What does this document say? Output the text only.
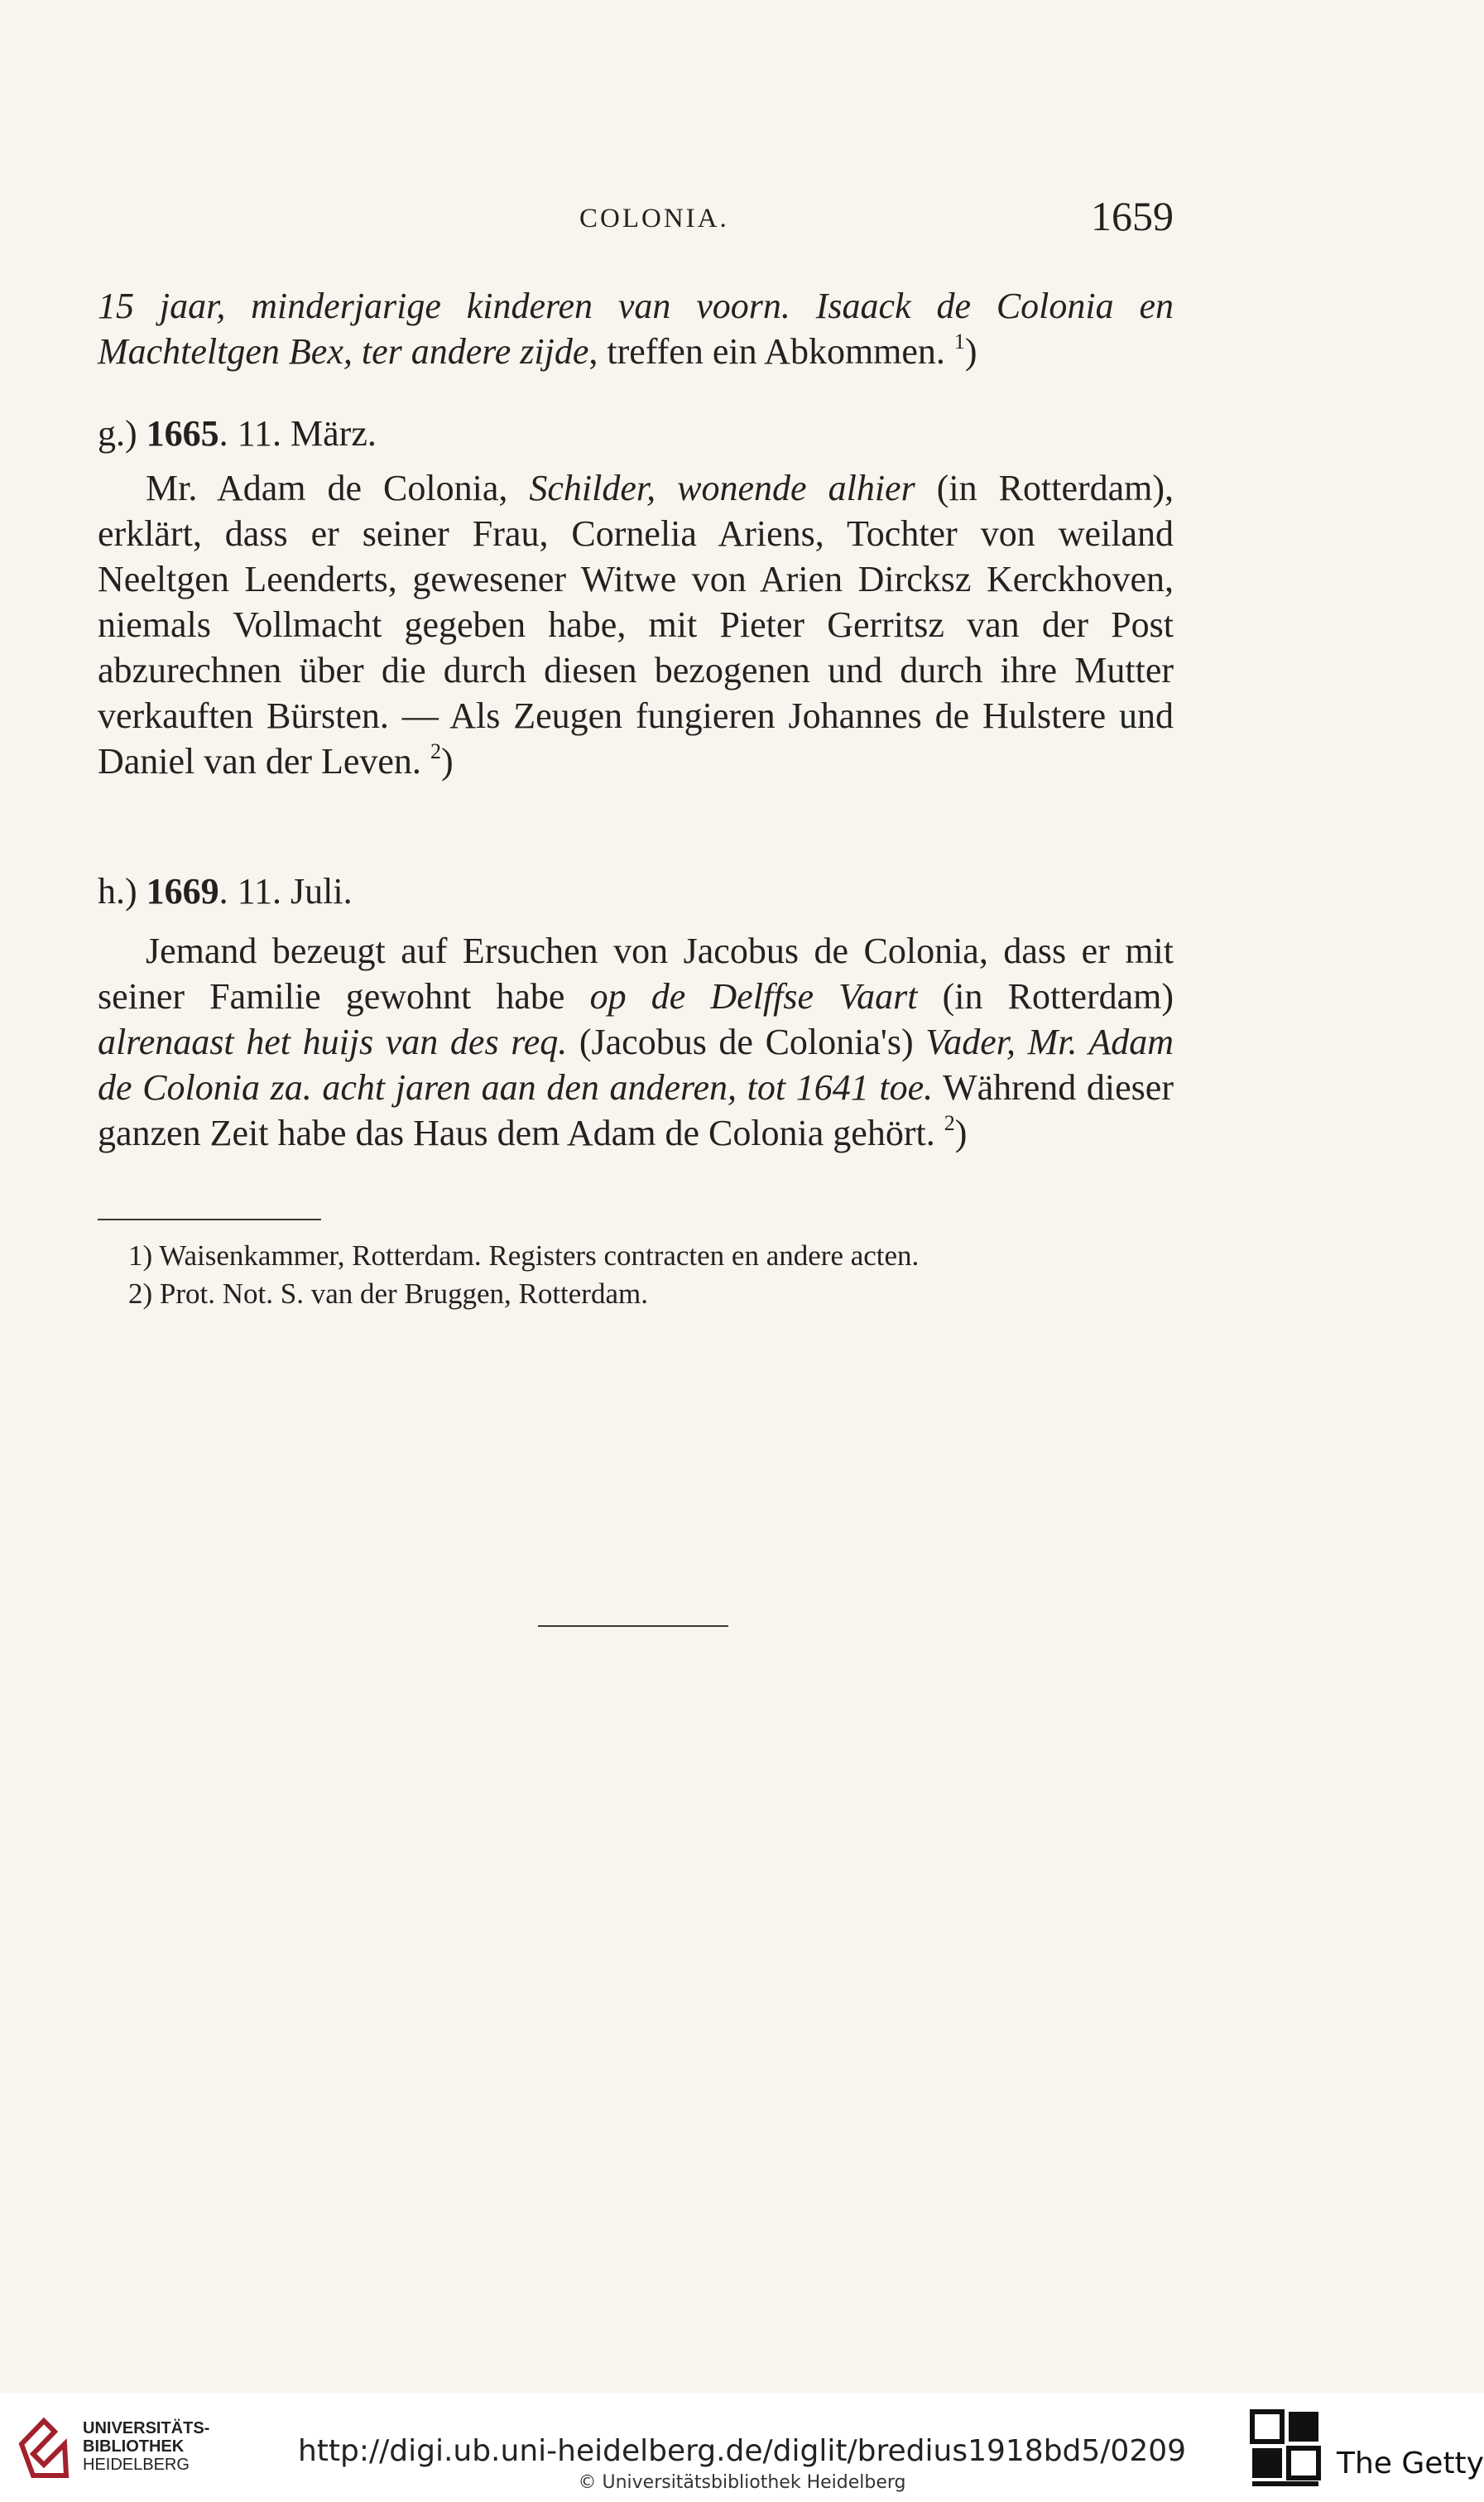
COLONIA.	1659
15 jaar, minderjarige kinderen van voorn. Isaack de Colonia en Machteltgen Bex, ter andere zijde, treffen ein Abkommen. $^1$)
g.) 1665. 11. März.
Mr. Adam de Colonia, Schilder, wonende alhier (in Rotterdam), erklärt, dass er seiner Frau, Cornelia Ariens, Tochter von weiland Neeltgen Leenderts, gewesener Witwe von Arien Dircksz Kerckhoven, niemals Vollmacht gegeben habe, mit Pieter Gerritsz van der Post abzurechnen über die durch diesen bezogenen und durch ihre Mutter verkauften Bürsten. — Als Zeugen fungieren Johannes de Hulstere und Daniel van der Leven. $^2$)
h.) 1669. 11. Juli.
Jemand bezeugt auf Ersuchen von Jacobus de Colonia, dass er mit seiner Familie gewohnt habe op de Delffse Vaart (in Rotterdam) alrenaast het huijs van des req. (Jacobus de Colonia's) Vader, Mr. Adam de Colonia za. acht jaren aan den anderen, tot 1641 toe. Während dieser ganzen Zeit habe das Haus dem Adam de Colonia gehört. $^2$)
1) Waisenkammer, Rotterdam. Registers contracten en andere acten.
2) Prot. Not. S. van der Bruggen, Rotterdam.
UNIVERSITÄTS-
BIBLIOTHEK
HEIDELBERG	http://digi.ub.uni-heidelberg.de/diglit/bredius1918bd5/0209
© Universitätsbibliothek Heidelberg
The Getty
